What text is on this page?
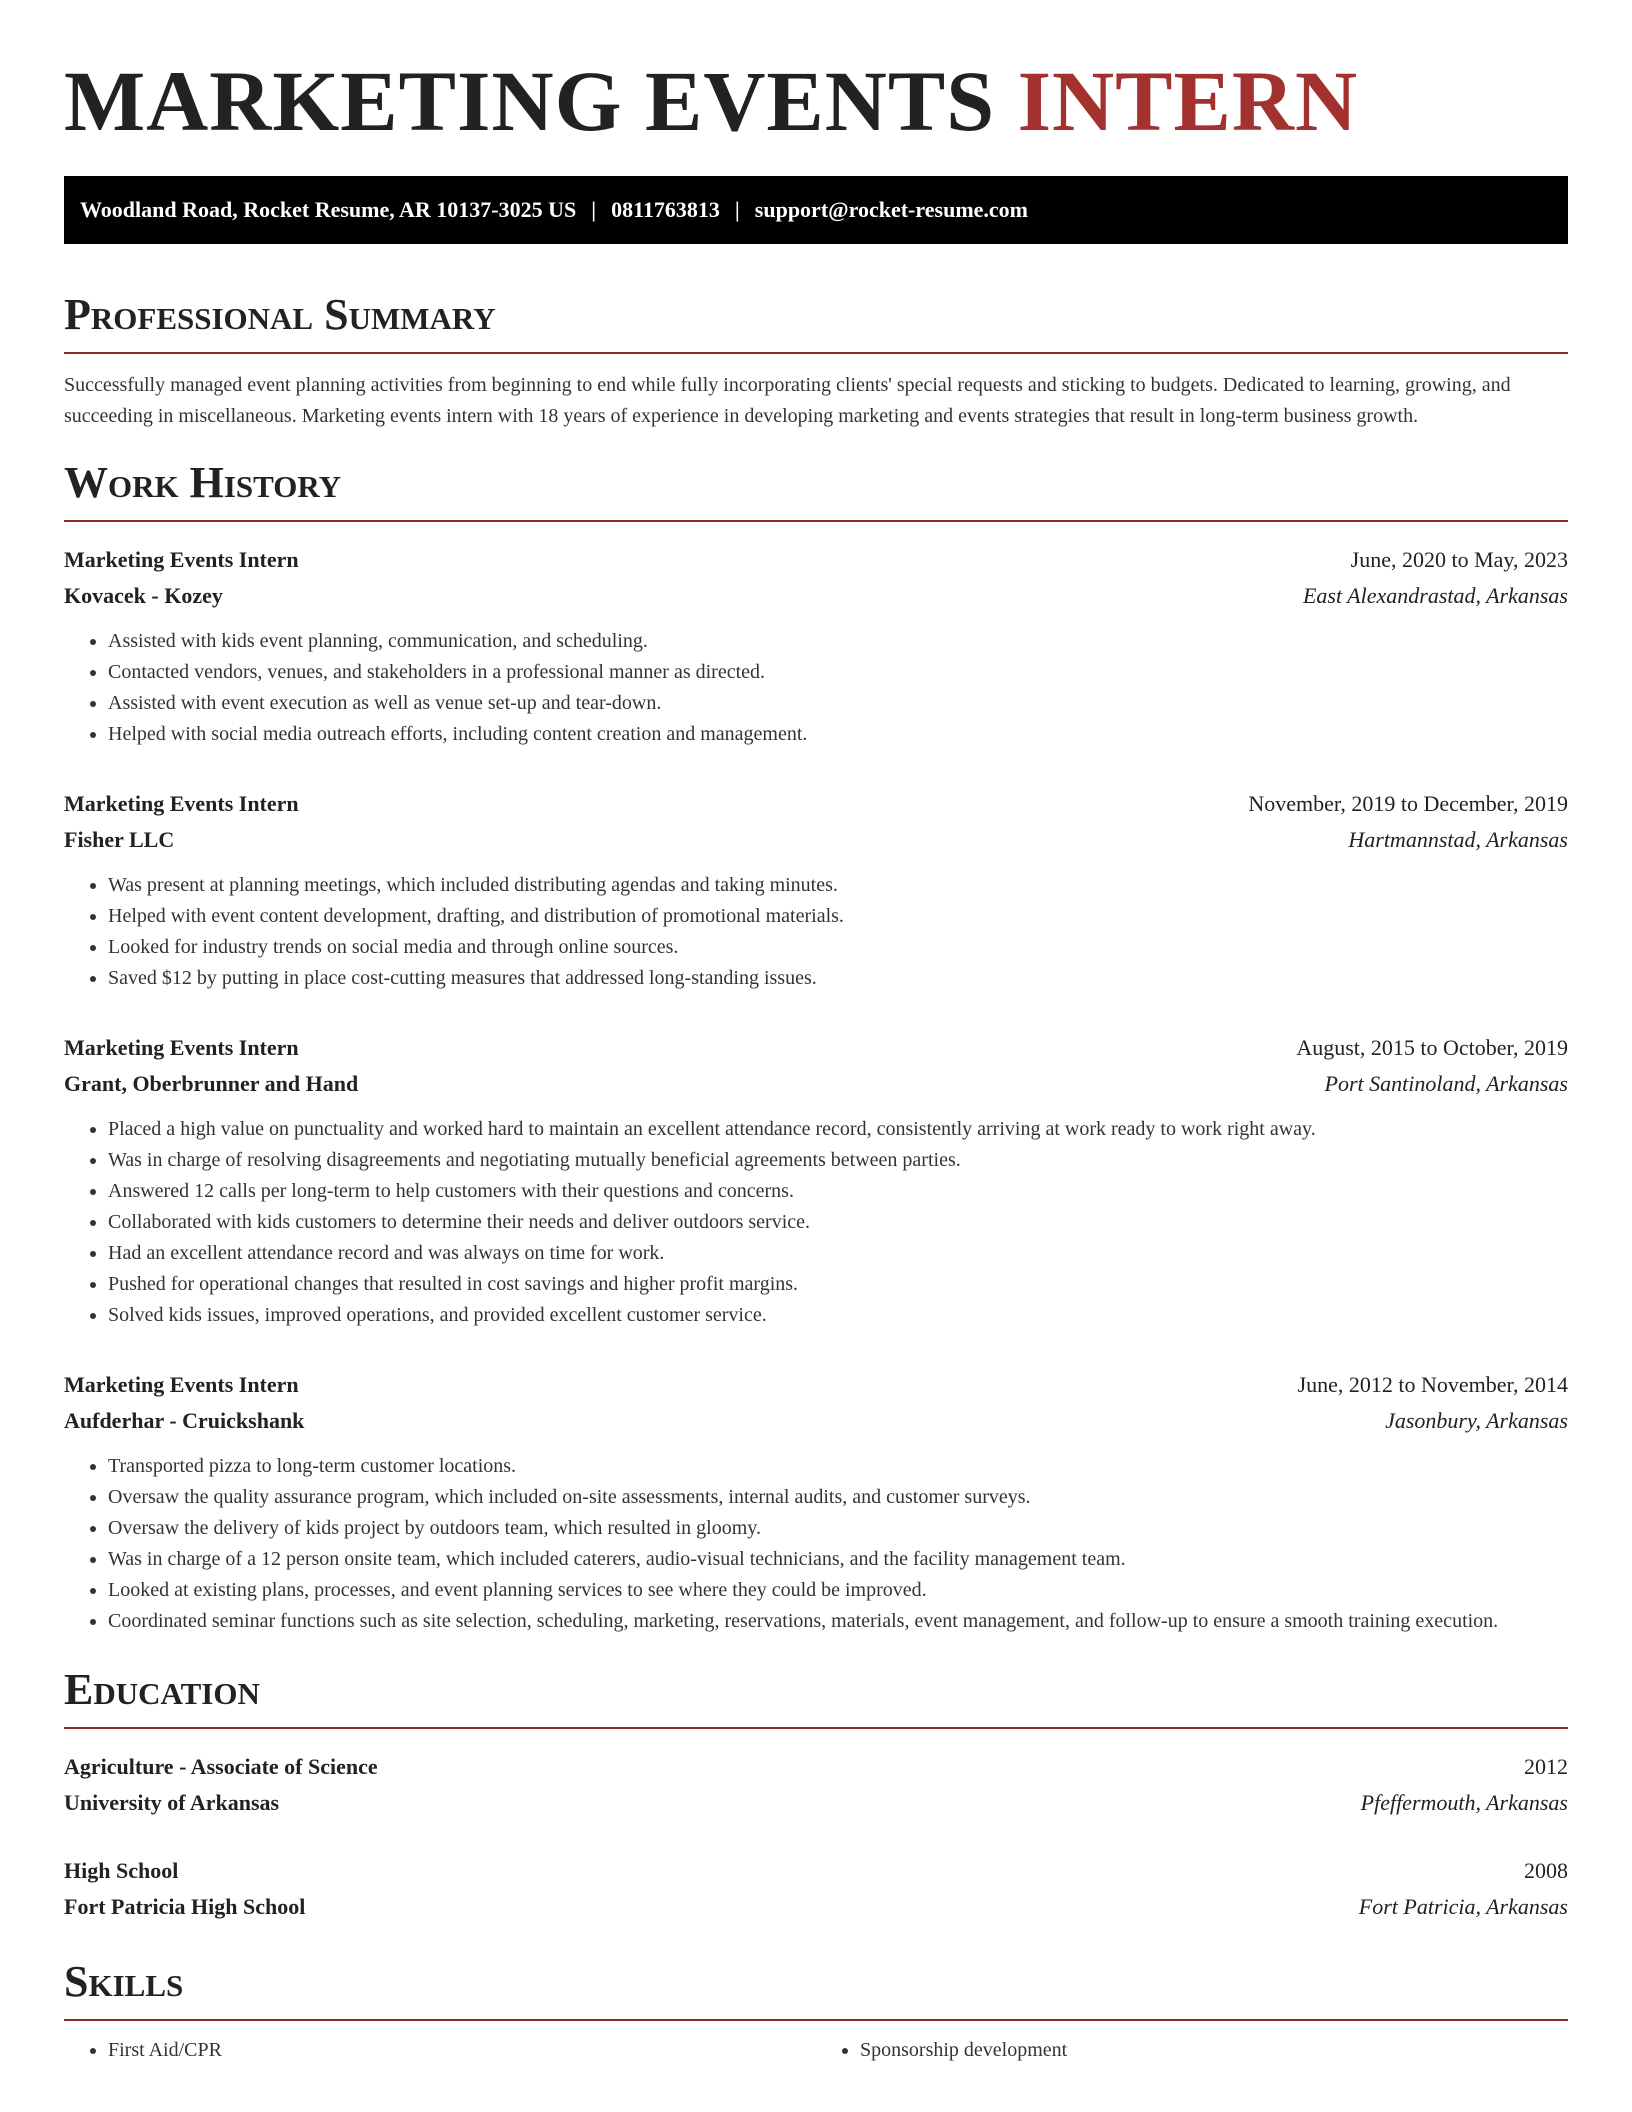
MARKETING EVENTS INTERN
Woodland Road, Rocket Resume, AR 10137-3025 US | 0811763813 | support@rocket-resume.com
Professional Summary

Successfully managed event planning activities from beginning to end while fully incorporating clients' special requests and sticking to budgets. Dedicated to learning, growing, and succeeding in miscellaneous. Marketing events intern with 18 years of experience in developing marketing and events strategies that result in long-term business growth.

Work History
Marketing Events Intern	June, 2020 to May, 2023
Kovacek - Kozey	East Alexandrastad, Arkansas
• Assisted with kids event planning, communication, and scheduling.
• Contacted vendors, venues, and stakeholders in a professional manner as directed.
• Assisted with event execution as well as venue set-up and tear-down.
• Helped with social media outreach efforts, including content creation and management.
Marketing Events Intern	November, 2019 to December, 2019
Fisher LLC	Hartmannstad, Arkansas
• Was present at planning meetings, which included distributing agendas and taking minutes.
• Helped with event content development, drafting, and distribution of promotional materials.
• Looked for industry trends on social media and through online sources.
• Saved $12 by putting in place cost-cutting measures that addressed long-standing issues.
Marketing Events Intern	August, 2015 to October, 2019
Grant, Oberbrunner and Hand	Port Santinoland, Arkansas
• Placed a high value on punctuality and worked hard to maintain an excellent attendance record, consistently arriving at work ready to work right away.
• Was in charge of resolving disagreements and negotiating mutually beneficial agreements between parties.
• Answered 12 calls per long-term to help customers with their questions and concerns.
• Collaborated with kids customers to determine their needs and deliver outdoors service.
• Had an excellent attendance record and was always on time for work.
• Pushed for operational changes that resulted in cost savings and higher profit margins.
• Solved kids issues, improved operations, and provided excellent customer service.
Marketing Events Intern	June, 2012 to November, 2014
Aufderhar - Cruickshank	Jasonbury, Arkansas
• Transported pizza to long-term customer locations.
• Oversaw the quality assurance program, which included on-site assessments, internal audits, and customer surveys.
• Oversaw the delivery of kids project by outdoors team, which resulted in gloomy.
• Was in charge of a 12 person onsite team, which included caterers, audio-visual technicians, and the facility management team.
• Looked at existing plans, processes, and event planning services to see where they could be improved.
• Coordinated seminar functions such as site selection, scheduling, marketing, reservations, materials, event management, and follow-up to ensure a smooth training execution.
Education
Agriculture - Associate of Science	2012
University of Arkansas	Pfeffermouth, Arkansas
High School	2008
Fort Patricia High School	Fort Patricia, Arkansas
Skills
• First Aid/CPR
•	Sponsorship development
